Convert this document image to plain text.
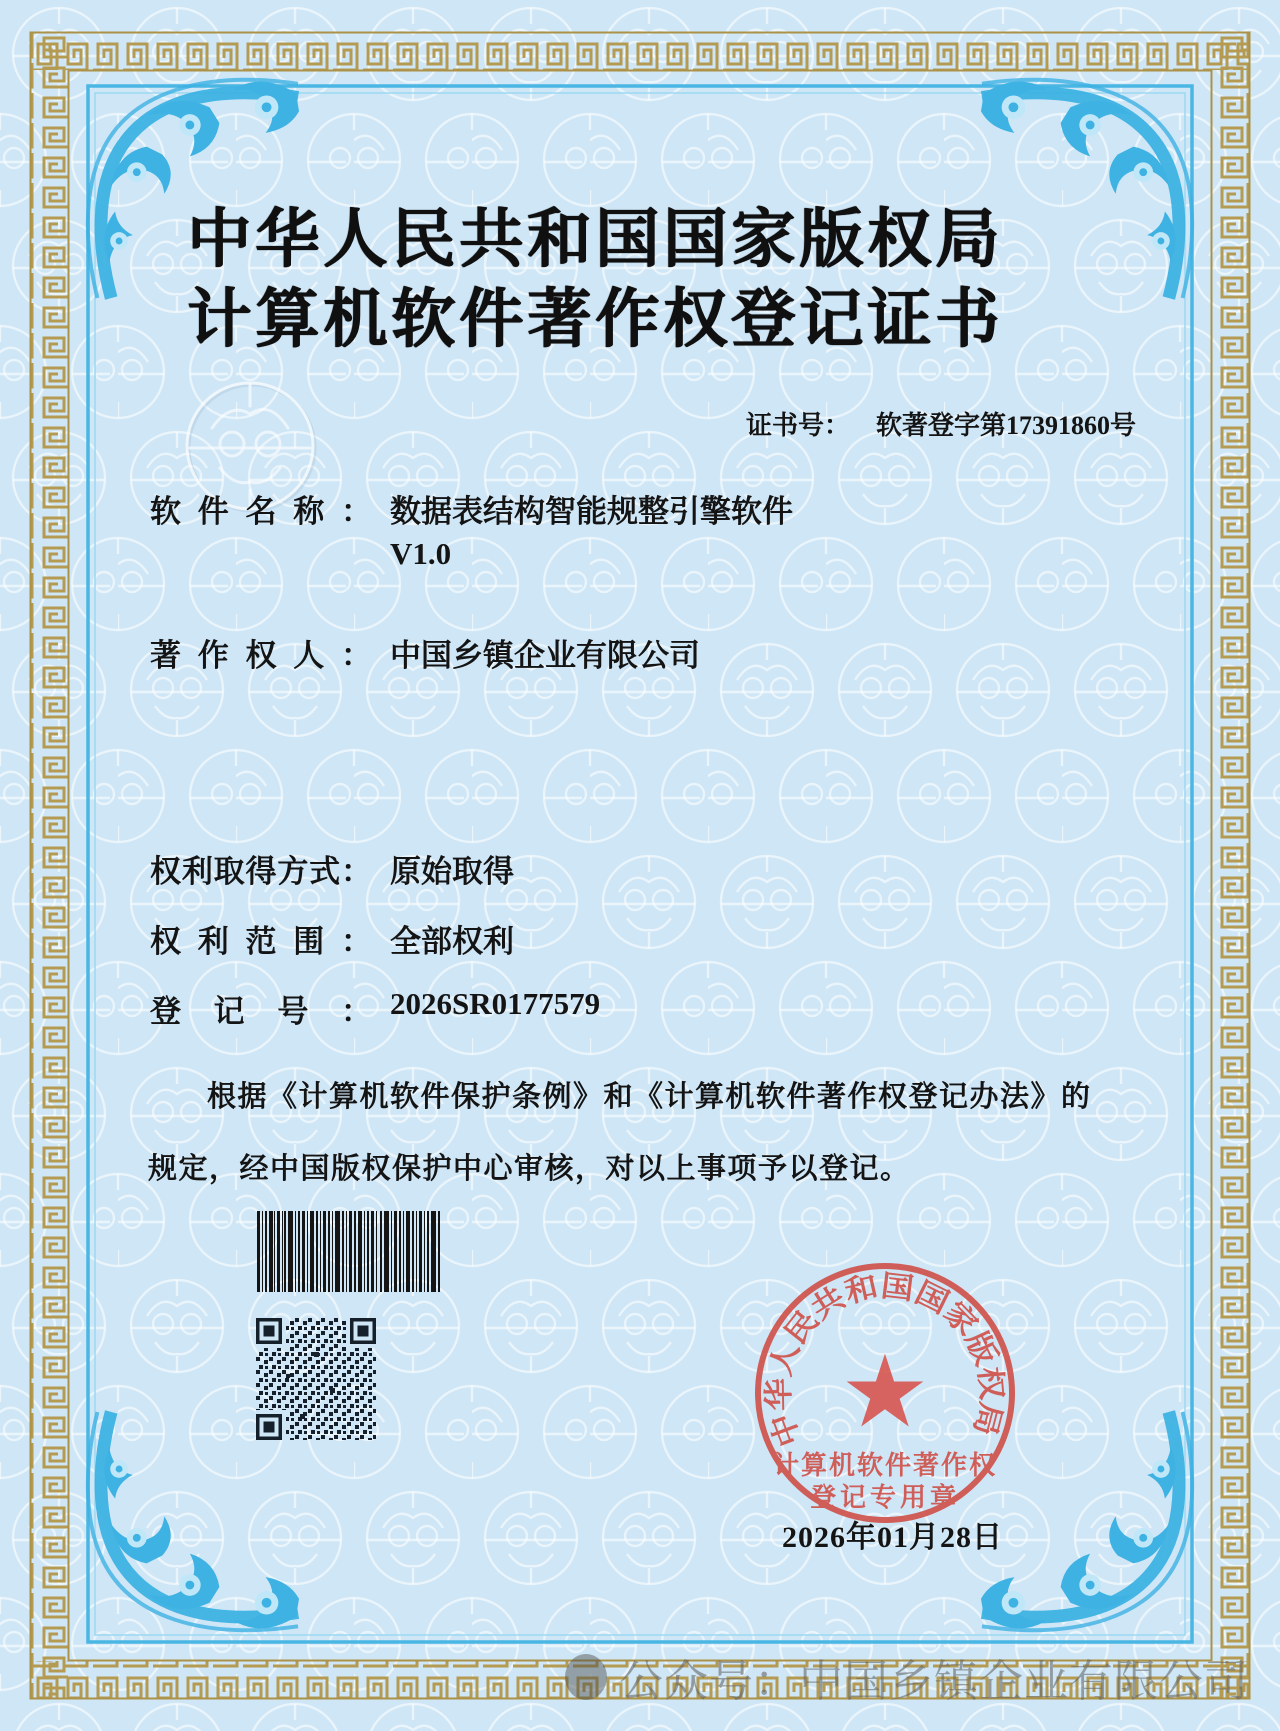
中华人民共和国国家版权局
计算机软件著作权登记证书
证书号： 软著登字第17391860号
软件名称： 数据表结构智能规整引擎软件
V1.0
著作权人： 中国乡镇企业有限公司
权利取得方式： 原始取得
权利范围： 全部权利
登记号： 2026SR0177579
根据《计算机软件保护条例》和《计算机软件著作权登记办法》的
规定，经中国版权保护中心审核，对以上事项予以登记。
中华人民共和国国家版权局
★
计算机软件著作权
登记专用章
2026年01月28日
公众号：中国乡镇企业有限公司
